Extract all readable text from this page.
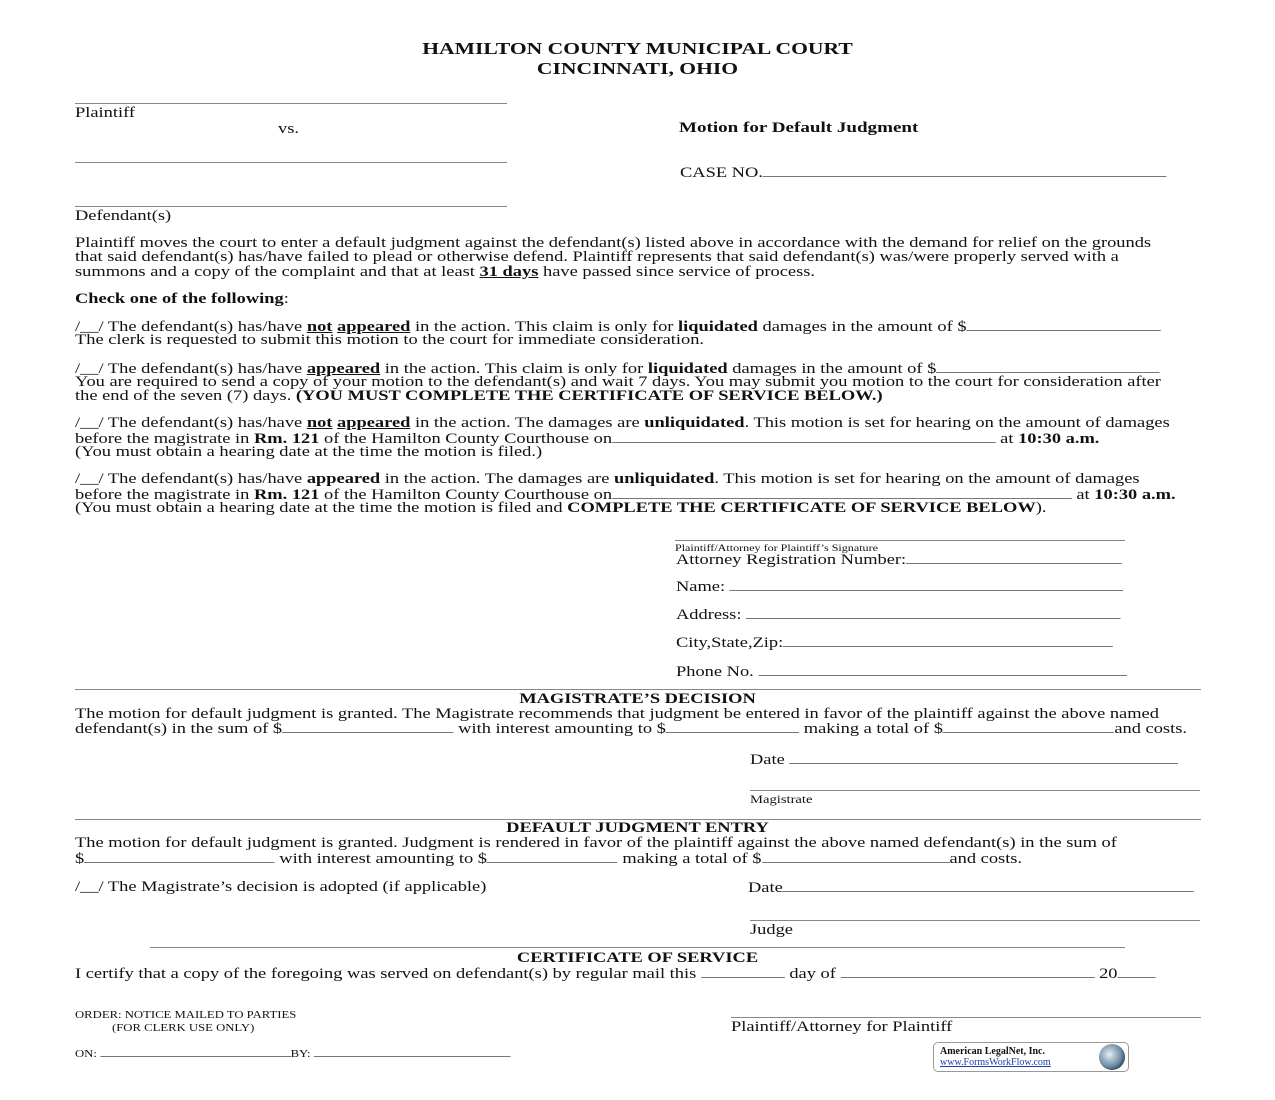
HAMILTON COUNTY MUNICIPAL COURT
CINCINNATI, OHIO
Plaintiff
vs.	Motion for Default Judgment
CASE NO.
Defendant(s)
Plaintiff moves the court to enter a default judgment against the defendant(s) listed above in accordance with the demand for relief on the grounds
that said defendant(s) has/have failed to plead or otherwise defend. Plaintiff represents that said defendant(s) was/were properly served with a
summons and a copy of the complaint and that at least 31 days have passed since service of process.
Check one of the following:
/__/ The defendant(s) has/have not appeared in the action. This claim is only for liquidated damages in the amount of $
The clerk is requested to submit this motion to the court for immediate consideration.
/__/ The defendant(s) has/have appeared in the action. This claim is only for liquidated damages in the amount of $
You are required to send a copy of your motion to the defendant(s) and wait 7 days. You may submit you motion to the court for consideration after
the end of the seven (7) days. (YOU MUST COMPLETE THE CERTIFICATE OF SERVICE BELOW.)
/__/ The defendant(s) has/have not appeared in the action. The damages are unliquidated. This motion is set for hearing on the amount of damages
before the magistrate in Rm. 121 of the Hamilton County Courthouse on	at 10:30 a.m.
(You must obtain a hearing date at the time the motion is filed.)
/__/ The defendant(s) has/have appeared in the action. The damages are unliquidated. This motion is set for hearing on the amount of damages
before the magistrate in Rm. 121 of the Hamilton County Courthouse on	at 10:30 a.m.
(You must obtain a hearing date at the time the motion is filed and COMPLETE THE CERTIFICATE OF SERVICE BELOW).
Plaintiff/Attorney for Plaintiff’s Signature
Attorney Registration Number:
Name:
Address:
City,State,Zip:
Phone No.
MAGISTRATE’S DECISION
The motion for default judgment is granted. The Magistrate recommends that judgment be entered in favor of the plaintiff against the above named
defendant(s) in the sum of $	with interest amounting to $	making a total of $	and costs.
Date
Magistrate
DEFAULT JUDGMENT ENTRY
The motion for default judgment is granted. Judgment is rendered in favor of the plaintiff against the above named defendant(s) in the sum of
$	with interest amounting to $	making a total of $	and costs.
/__/ The Magistrate’s decision is adopted (if applicable)	Date
Judge
CERTIFICATE OF SERVICE
I certify that a copy of the foregoing was served on defendant(s) by regular mail this	day of	20
ORDER: NOTICE MAILED TO PARTIES
(FOR CLERK USE ONLY)
ON:	BY:
Plaintiff/Attorney for Plaintiff
American LegalNet, Inc.
www.FormsWorkFlow.com
